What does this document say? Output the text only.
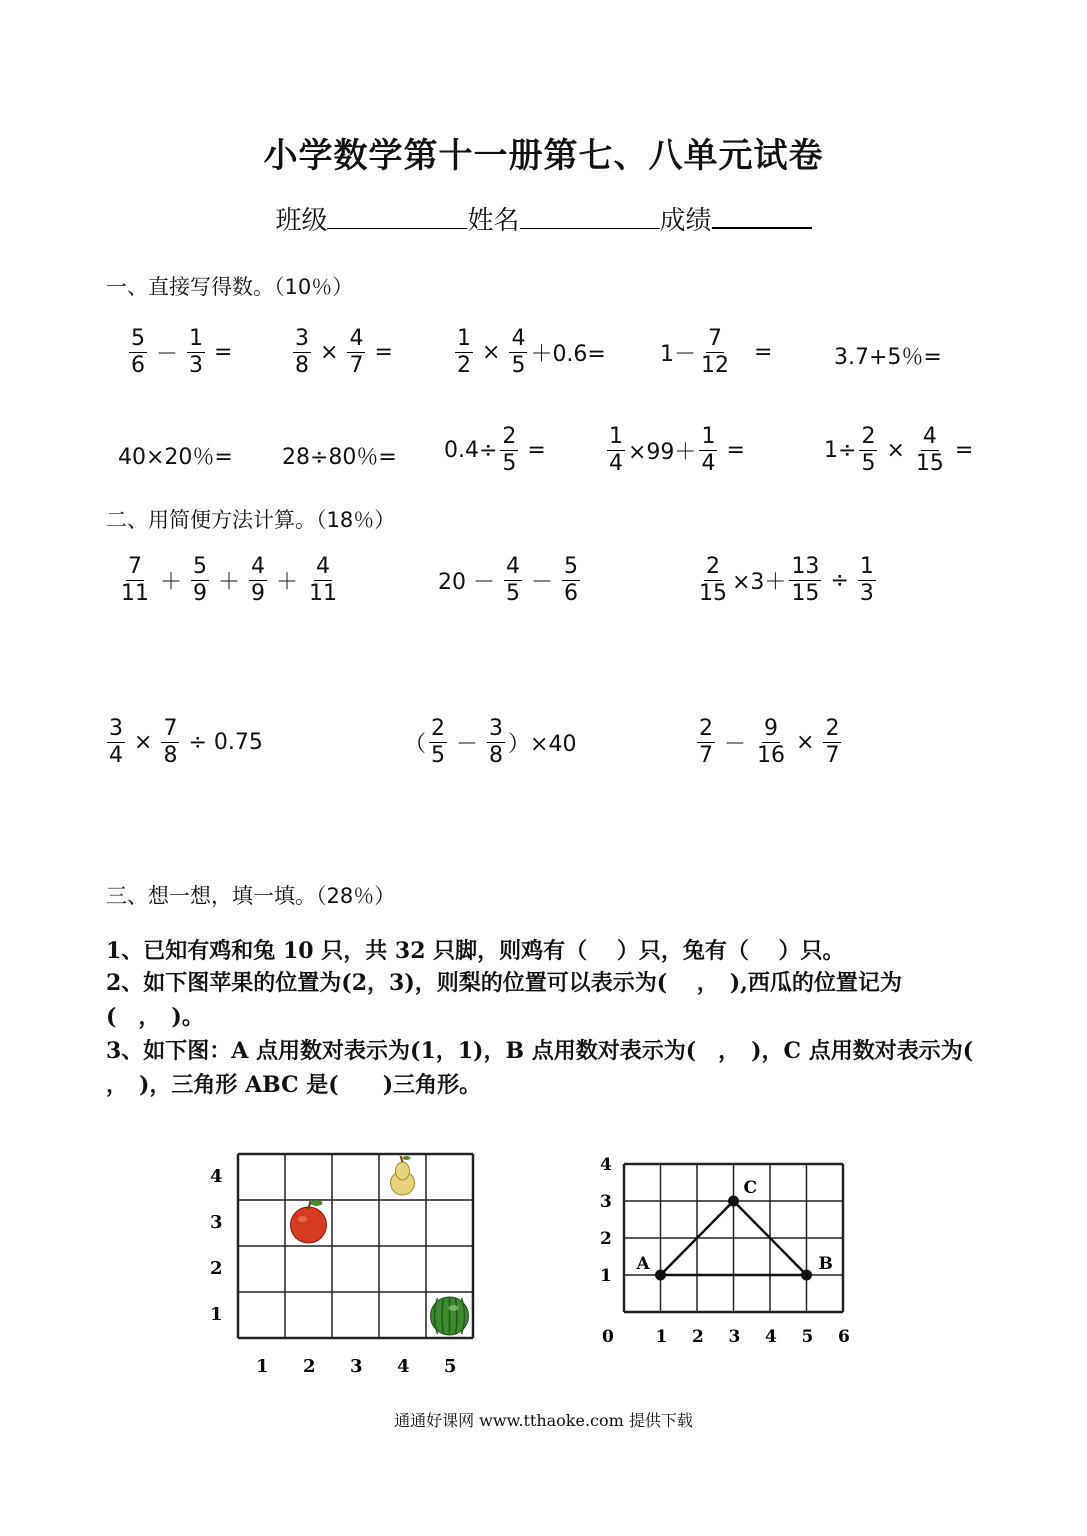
小学数学第十一册第七、八单元试卷
班级	姓名	成绩
一、直接写得数。（10％）
$\frac{5}{6} - \frac{1}{3}$ =	$\frac{3}{8} \times \frac{4}{7}$ =	$\frac{1}{2} \times \frac{4}{5} +0.6= 1- \frac{7}{12}$ =	3.7+5％=
40×20％= 28÷80％= $0.4\div \frac{2}{5}$ =	$\frac{1}{4} \times 99+ \frac{1}{4}$ =	$1\div \frac{2}{5} \times \frac{4}{15}$ =
二、用简便方法计算。（18％）
$\frac{7}{11} + \frac{5}{9} + \frac{4}{9} + \frac{4}{11}$	$20 - \frac{4}{5} - \frac{5}{6}$	$\frac{2}{15} \times 3+ \frac{13}{15} \div \frac{1}{3}$
$\frac{3}{4} \times \frac{7}{8} \div 0.75$	（ $\frac{2}{5} - \frac{3}{8} )\times 40$	$\frac{2}{7} - \frac{9}{16} \times \frac{2}{7}$
三、想一想，填一填。（28％）
1、已知有鸡和兔 10 只，共 32 只脚，则鸡有（　 ）只，兔有（　 ）只。
2、如下图苹果的位置为(2，3)，则梨的位置可以表示为(　 ，　),西瓜的位置记为(　，　)。
3、如下图：A 点用数对表示为(1，1)，B 点用数对表示为(　，　)，C 点用数对表示为(　 ，　)，三角形 ABC 是(　　)三角形。
4
3
2
1
1 2 3 4 5
4
3
2
1
0 1 2 3 4 5 6
A	B
C
通通好课网 www.tthaoke.com 提供下载
